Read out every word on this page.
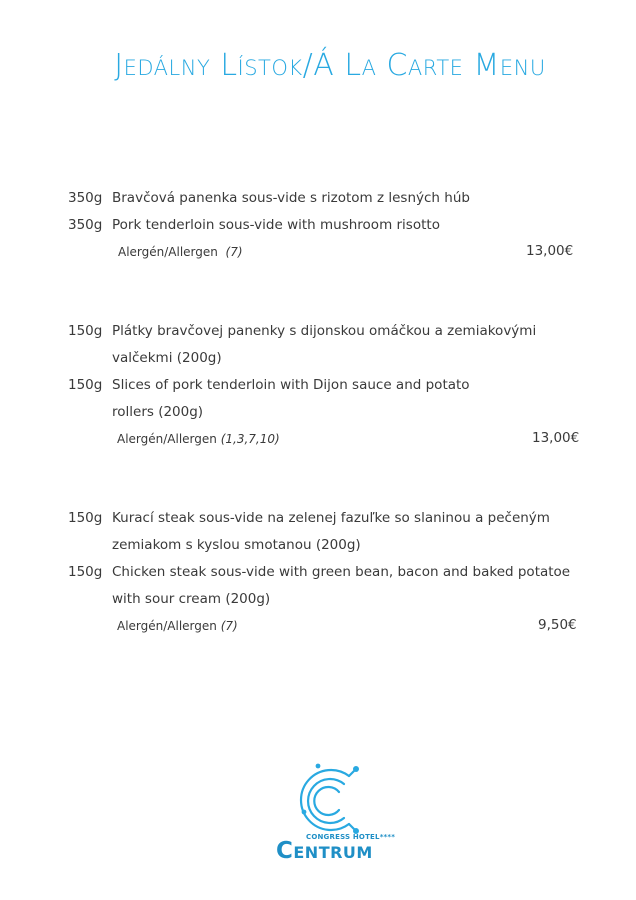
Jedálny Lístok/Á La Carte Menu
350g Bravčová panenka sous-vide s rizotom z lesných húb
350g Pork tenderloin sous-vide with mushroom risotto
Alergén/Allergen (7)	13,00€
150g Plátky bravčovej panenky s dijonskou omáčkou a zemiakovými
valčekmi (200g)
150g Slices of pork tenderloin with Dijon sauce and potato
rollers (200g)
Alergén/Allergen (1,3,7,10)	13,00€
150g Kurací steak sous-vide na zelenej fazuľke so slaninou a pečeným
zemiakom s kyslou smotanou (200g)
150g Chicken steak sous-vide with green bean, bacon and baked potatoe
with sour cream (200g)
Alergén/Allergen (7)	9,50€
CONGRESS HOTEL****
Centrum
